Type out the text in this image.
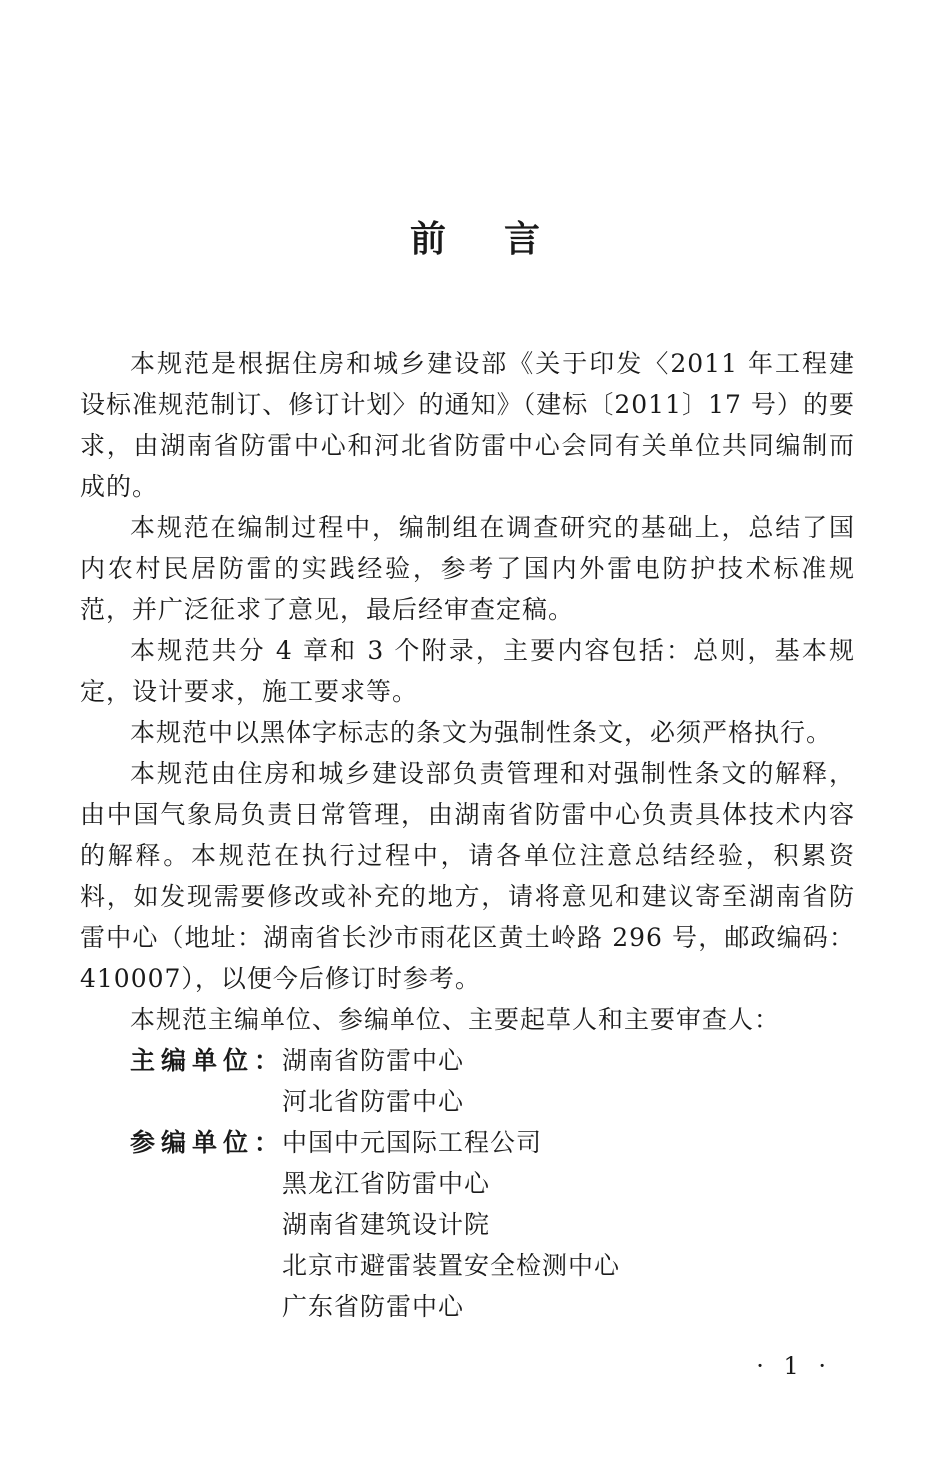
前言

本规范是根据住房和城乡建设部《关于印发〈2011 年工程建设标准规范制订、修订计划〉的通知》（建标〔2011〕17 号）的要求，由湖南省防雷中心和河北省防雷中心会同有关单位共同编制而成的。

本规范在编制过程中，编制组在调查研究的基础上，总结了国内农村民居防雷的实践经验，参考了国内外雷电防护技术标准规范，并广泛征求了意见，最后经审查定稿。

本规范共分 4 章和 3 个附录，主要内容包括：总则，基本规定，设计要求，施工要求等。

本规范中以黑体字标志的条文为强制性条文，必须严格执行。

本规范由住房和城乡建设部负责管理和对强制性条文的解释，由中国气象局负责日常管理，由湖南省防雷中心负责具体技术内容的解释。本规范在执行过程中，请各单位注意总结经验，积累资料，如发现需要修改或补充的地方，请将意见和建议寄至湖南省防雷中心（地址：湖南省长沙市雨花区黄土岭路 296 号，邮政编码：410007），以便今后修订时参考。

本规范主编单位、参编单位、主要起草人和主要审查人：

主编单位：
湖南省防雷中心
河北省防雷中心
参编单位：
中国中元国际工程公司
黑龙江省防雷中心
湖南省建筑设计院
北京市避雷装置安全检测中心
广东省防雷中心
· 1 ·
